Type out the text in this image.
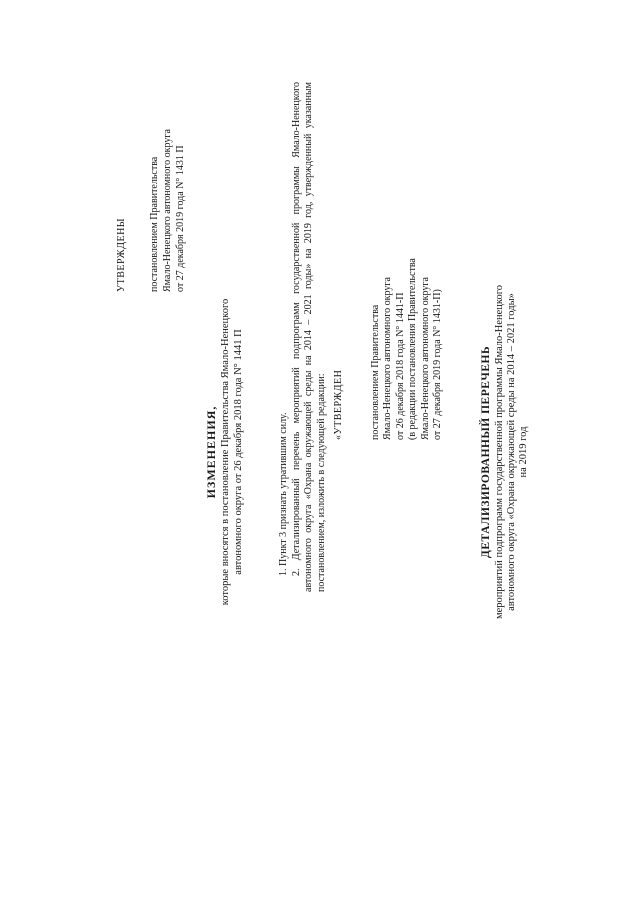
УТВЕРЖДЕНЫ постановлением Правительства Ямало-Ненецкого автономного округа от 27 декабря 2019 года N° 1431 П
ИЗМЕНЕНИЯ, которые вносятся в постановление Правительства Ямало-Ненецкого автономного округа от 26 декабря 2018 года N° 1441 П	1. Пункт 3 признать утратившим силу. 2. Детализированный перечень мероприятий подпрограмм государственной программы Ямало-Ненецкого автономного округа «Охрана окружающей среды на 2014 – 2021 годы» на 2019 год, утвержденный указанным постановлением, изложить в следующей редакции: «УТВЕРЖДЕН	постановлением Правительства Ямало-Ненецкого автономного округа от 26 декабря 2018 года N° 1441-П (в редакции постановления Правительства Ямало-Ненецкого автономного округа от 27 декабря 2019 года N° 1431-П)	ДЕТАЛИЗИРОВАННЫЙ ПЕРЕЧЕНЬ мероприятий подпрограмм государственной программы Ямало-Ненецкого автономного округа «Охрана окружающей среды на 2014 – 2021 годы» на 2019 год
